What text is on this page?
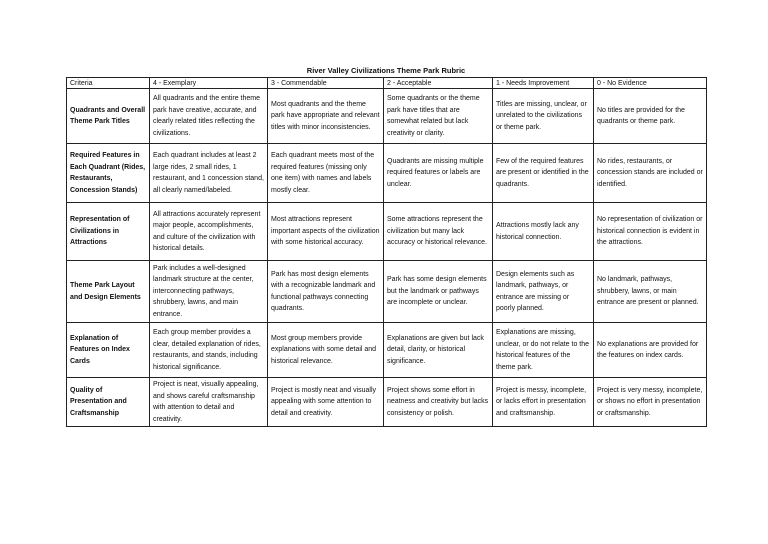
River Valley Civilizations Theme Park Rubric
Criteria	4 - Exemplary	3 - Commendable	2 - Acceptable	1 - Needs Improvement	0 - No Evidence
Quadrants and Overall Theme Park Titles	All quadrants and the entire theme park have creative, accurate, and clearly related titles reflecting the civilizations.	Most quadrants and the theme park have appropriate and relevant titles with minor inconsistencies.	Some quadrants or the theme park have titles that are somewhat related but lack creativity or clarity.	Titles are missing, unclear, or unrelated to the civilizations or theme park.	No titles are provided for the quadrants or theme park.
Required Features in Each Quadrant (Rides, Restaurants, Concession Stands)	Each quadrant includes at least 2 large rides, 2 small rides, 1 restaurant, and 1 concession stand, all clearly named/labeled.	Each quadrant meets most of the required features (missing only one item) with names and labels mostly clear.	Quadrants are missing multiple required features or labels are unclear.	Few of the required features are present or identified in the quadrants.	No rides, restaurants, or concession stands are included or identified.
Representation of Civilizations in Attractions	All attractions accurately represent major people, accomplishments, and culture of the civilization with historical details.	Most attractions represent important aspects of the civilization with some historical accuracy.	Some attractions represent the civilization but many lack accuracy or historical relevance.	Attractions mostly lack any historical connection.	No representation of civilization or historical connection is evident in the attractions.
Theme Park Layout and Design Elements	Park includes a well-designed landmark structure at the center, interconnecting pathways, shrubbery, lawns, and main entrance.	Park has most design elements with a recognizable landmark and functional pathways connecting quadrants.	Park has some design elements but the landmark or pathways are incomplete or unclear.	Design elements such as landmark, pathways, or entrance are missing or poorly planned.	No landmark, pathways, shrubbery, lawns, or main entrance are present or planned.
Explanation of Features on Index Cards	Each group member provides a clear, detailed explanation of rides, restaurants, and stands, including historical significance.	Most group members provide explanations with some detail and historical relevance.	Explanations are given but lack detail, clarity, or historical significance.	Explanations are missing, unclear, or do not relate to the historical features of the theme park.	No explanations are provided for the features on index cards.
Quality of Presentation and Craftsmanship	Project is neat, visually appealing, and shows careful craftsmanship with attention to detail and creativity.	Project is mostly neat and visually appealing with some attention to detail and creativity.	Project shows some effort in neatness and creativity but lacks consistency or polish.	Project is messy, incomplete, or lacks effort in presentation and craftsmanship.	Project is very messy, incomplete, or shows no effort in presentation or craftsmanship.
